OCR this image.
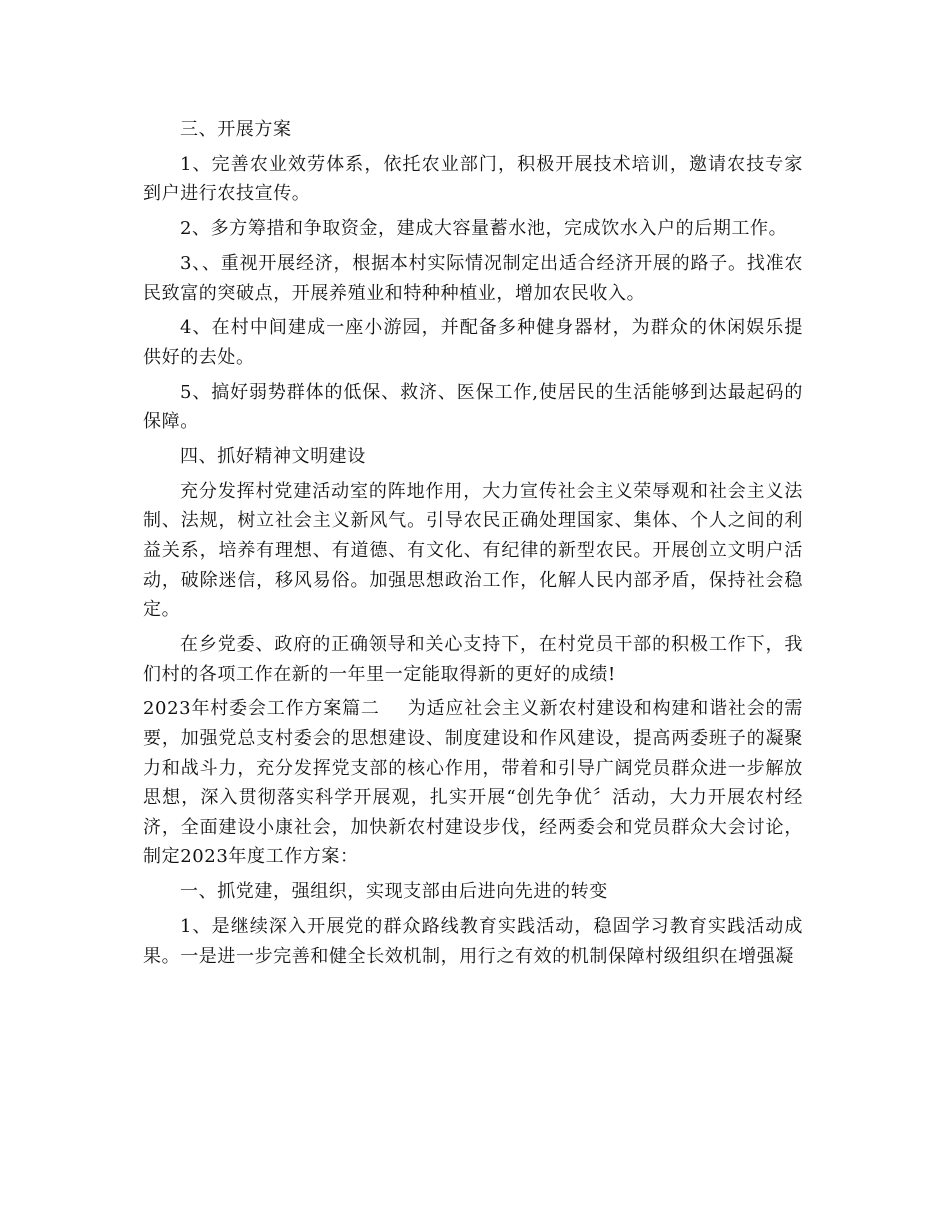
三、开展方案

1、完善农业效劳体系，依托农业部门，积极开展技术培训，邀请农技专家到户进行农技宣传。

2、多方筹措和争取资金，建成大容量蓄水池，完成饮水入户的后期工作。

3、、重视开展经济，根据本村实际情况制定出适合经济开展的路子。找准农民致富的突破点，开展养殖业和特种种植业，增加农民收入。

4、在村中间建成一座小游园，并配备多种健身器材，为群众的休闲娱乐提供好的去处。

5、搞好弱势群体的低保、救济、医保工作,使居民的生活能够到达最起码的保障。

四、抓好精神文明建设

充分发挥村党建活动室的阵地作用，大力宣传社会主义荣辱观和社会主义法制、法规，树立社会主义新风气。引导农民正确处理国家、集体、个人之间的利益关系，培养有理想、有道德、有文化、有纪律的新型农民。开展创立文明户活动，破除迷信，移风易俗。加强思想政治工作，化解人民内部矛盾，保持社会稳定。

在乡党委、政府的正确领导和关心支持下，在村党员干部的积极工作下，我们村的各项工作在新的一年里一定能取得新的更好的成绩!

2023年村委会工作方案篇二 为适应社会主义新农村建设和构建和谐社会的需要，加强党总支村委会的思想建设、制度建设和作风建设，提高两委班子的凝聚力和战斗力，充分发挥党支部的核心作用，带着和引导广阔党员群众进一步解放思想，深入贯彻落实科学开展观，扎实开展“创先争优〞活动，大力开展农村经济，全面建设小康社会，加快新农村建设步伐，经两委会和党员群众大会讨论，制定2023年度工作方案：

一、抓党建，强组织，实现支部由后进向先进的转变

1、是继续深入开展党的群众路线教育实践活动，稳固学习教育实践活动成果。一是进一步完善和健全长效机制，用行之有效的机制保障村级组织在增强凝
